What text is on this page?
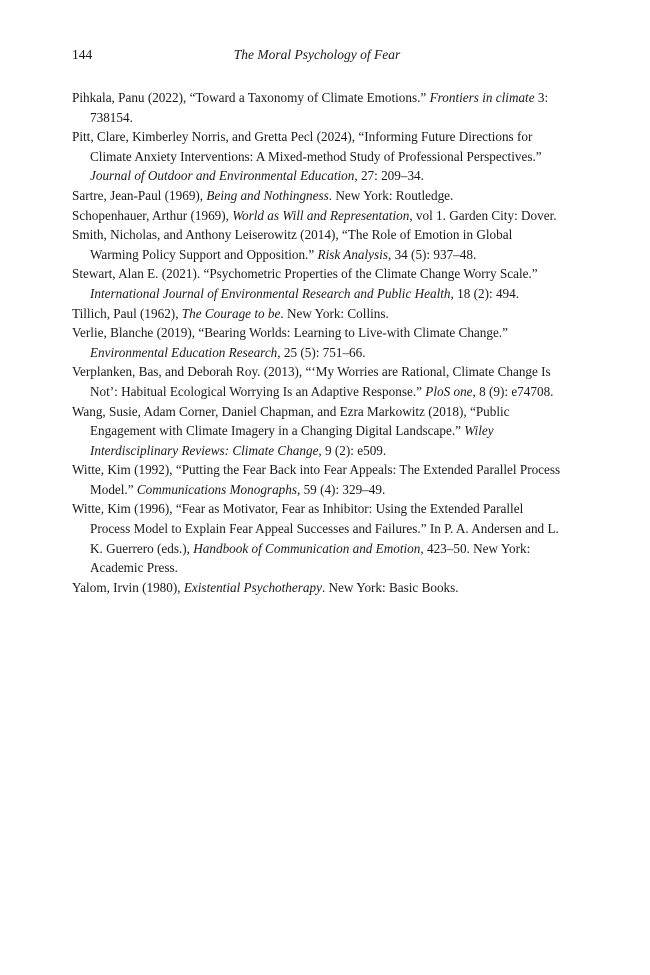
144	The Moral Psychology of Fear

Pihkala, Panu (2022), “Toward a Taxonomy of Climate Emotions.” Frontiers in climate 3: 738154.

Pitt, Clare, Kimberley Norris, and Gretta Pecl (2024), “Informing Future Directions for Climate Anxiety Interventions: A Mixed-method Study of Professional Perspectives.” Journal of Outdoor and Environmental Education, 27: 209–34.

Sartre, Jean-Paul (1969), Being and Nothingness. New York: Routledge.

Schopenhauer, Arthur (1969), World as Will and Representation, vol 1. Garden City: Dover.

Smith, Nicholas, and Anthony Leiserowitz (2014), “The Role of Emotion in Global Warming Policy Support and Opposition.” Risk Analysis, 34 (5): 937–48.

Stewart, Alan E. (2021). “Psychometric Properties of the Climate Change Worry Scale.” International Journal of Environmental Research and Public Health, 18 (2): 494.

Tillich, Paul (1962), The Courage to be. New York: Collins.

Verlie, Blanche (2019), “Bearing Worlds: Learning to Live-with Climate Change.” Environmental Education Research, 25 (5): 751–66.

Verplanken, Bas, and Deborah Roy. (2013), “‘My Worries are Rational, Climate Change Is Not’: Habitual Ecological Worrying Is an Adaptive Response.” PloS one, 8 (9): e74708.

Wang, Susie, Adam Corner, Daniel Chapman, and Ezra Markowitz (2018), “Public Engagement with Climate Imagery in a Changing Digital Landscape.” Wiley Interdisciplinary Reviews: Climate Change, 9 (2): e509.

Witte, Kim (1992), “Putting the Fear Back into Fear Appeals: The Extended Parallel Process Model.” Communications Monographs, 59 (4): 329–49.

Witte, Kim (1996), “Fear as Motivator, Fear as Inhibitor: Using the Extended Parallel Process Model to Explain Fear Appeal Successes and Failures.” In P. A. Andersen and L. K. Guerrero (eds.), Handbook of Communication and Emotion, 423–50. New York: Academic Press.

Yalom, Irvin (1980), Existential Psychotherapy. New York: Basic Books.
